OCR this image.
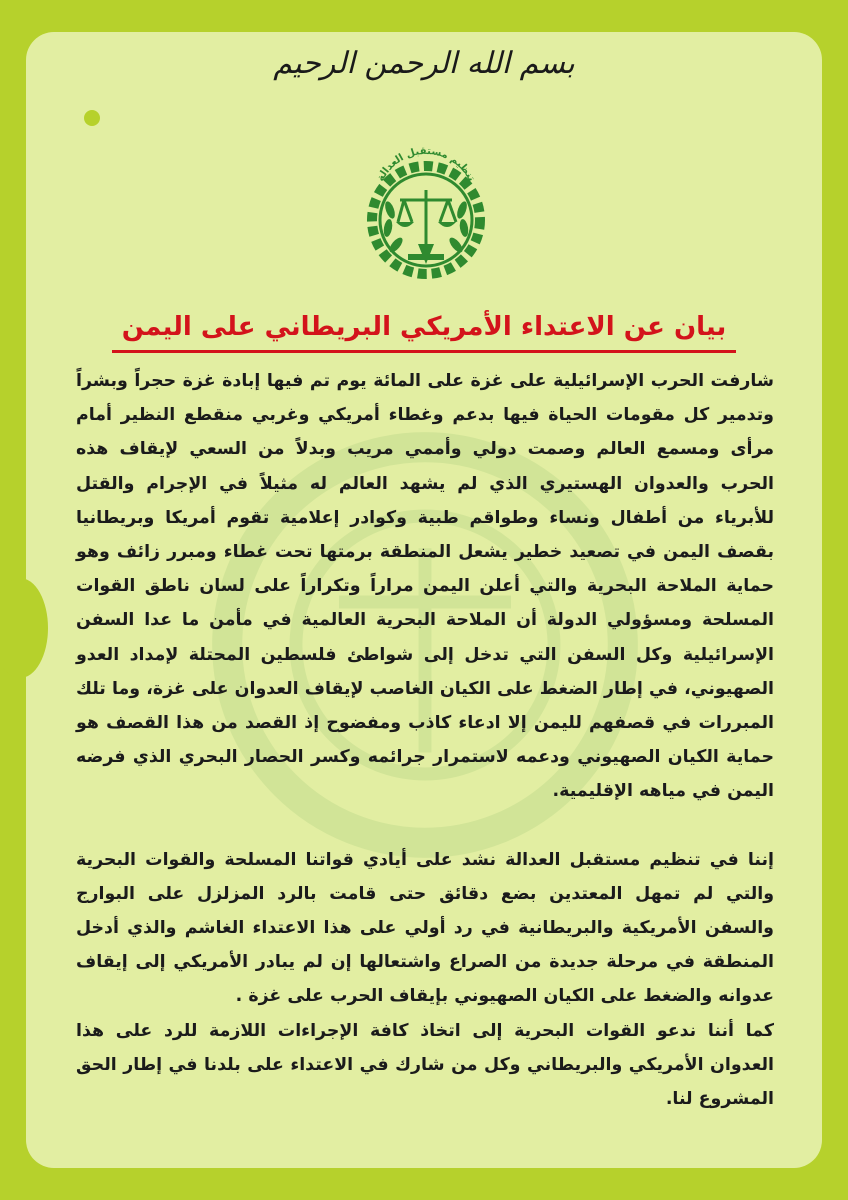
بسم الله الرحمن الرحيم
تنظيم مستقبل العدالة
بيان عن الاعتداء الأمريكي البريطاني على اليمن

شارفت الحرب الإسرائيلية على غزة على المائة يوم تم فيها إبادة غزة حجراً وبشراً وتدمير كل مقومات الحياة فيها بدعم وغطاء أمريكي وغربي منقطع النظير أمام مرأى ومسمع العالم وصمت دولي وأممي مريب وبدلاً من السعي لإيقاف هذه الحرب والعدوان الهستيري الذي لم يشهد العالم له مثيلاً في الإجرام والقتل للأبرياء من أطفال ونساء وطواقم طبية وكوادر إعلامية تقوم أمريكا وبريطانيا بقصف اليمن في تصعيد خطير يشعل المنطقة برمتها تحت غطاء ومبرر زائف وهو حماية الملاحة البحرية والتي أعلن اليمن مراراً وتكراراً على لسان ناطق القوات المسلحة ومسؤولي الدولة أن الملاحة البحرية العالمية في مأمن ما عدا السفن الإسرائيلية وكل السفن التي تدخل إلى شواطئ فلسطين المحتلة لإمداد العدو الصهيوني، في إطار الضغط على الكيان الغاصب لإيقاف العدوان على غزة، وما تلك المبررات في قصفهم لليمن إلا ادعاء كاذب ومفضوح إذ القصد من هذا القصف هو حماية الكيان الصهيوني ودعمه لاستمرار جرائمه وكسر الحصار البحري الذي فرضه اليمن في مياهه الإقليمية.

إننا في تنظيم مستقبل العدالة نشد على أيادي قواتنا المسلحة والقوات البحرية والتي لم تمهل المعتدين بضع دقائق حتى قامت بالرد المزلزل على البوارج والسفن الأمريكية والبريطانية في رد أولي على هذا الاعتداء الغاشم والذي أدخل المنطقة في مرحلة جديدة من الصراع واشتعالها إن لم يبادر الأمريكي إلى إيقاف عدوانه والضغط على الكيان الصهيوني بإيقاف الحرب على غزة .

كما أننا ندعو القوات البحرية إلى اتخاذ كافة الإجراءات اللازمة للرد على هذا العدوان الأمريكي والبريطاني وكل من شارك في الاعتداء على بلدنا في إطار الحق المشروع لنا.
